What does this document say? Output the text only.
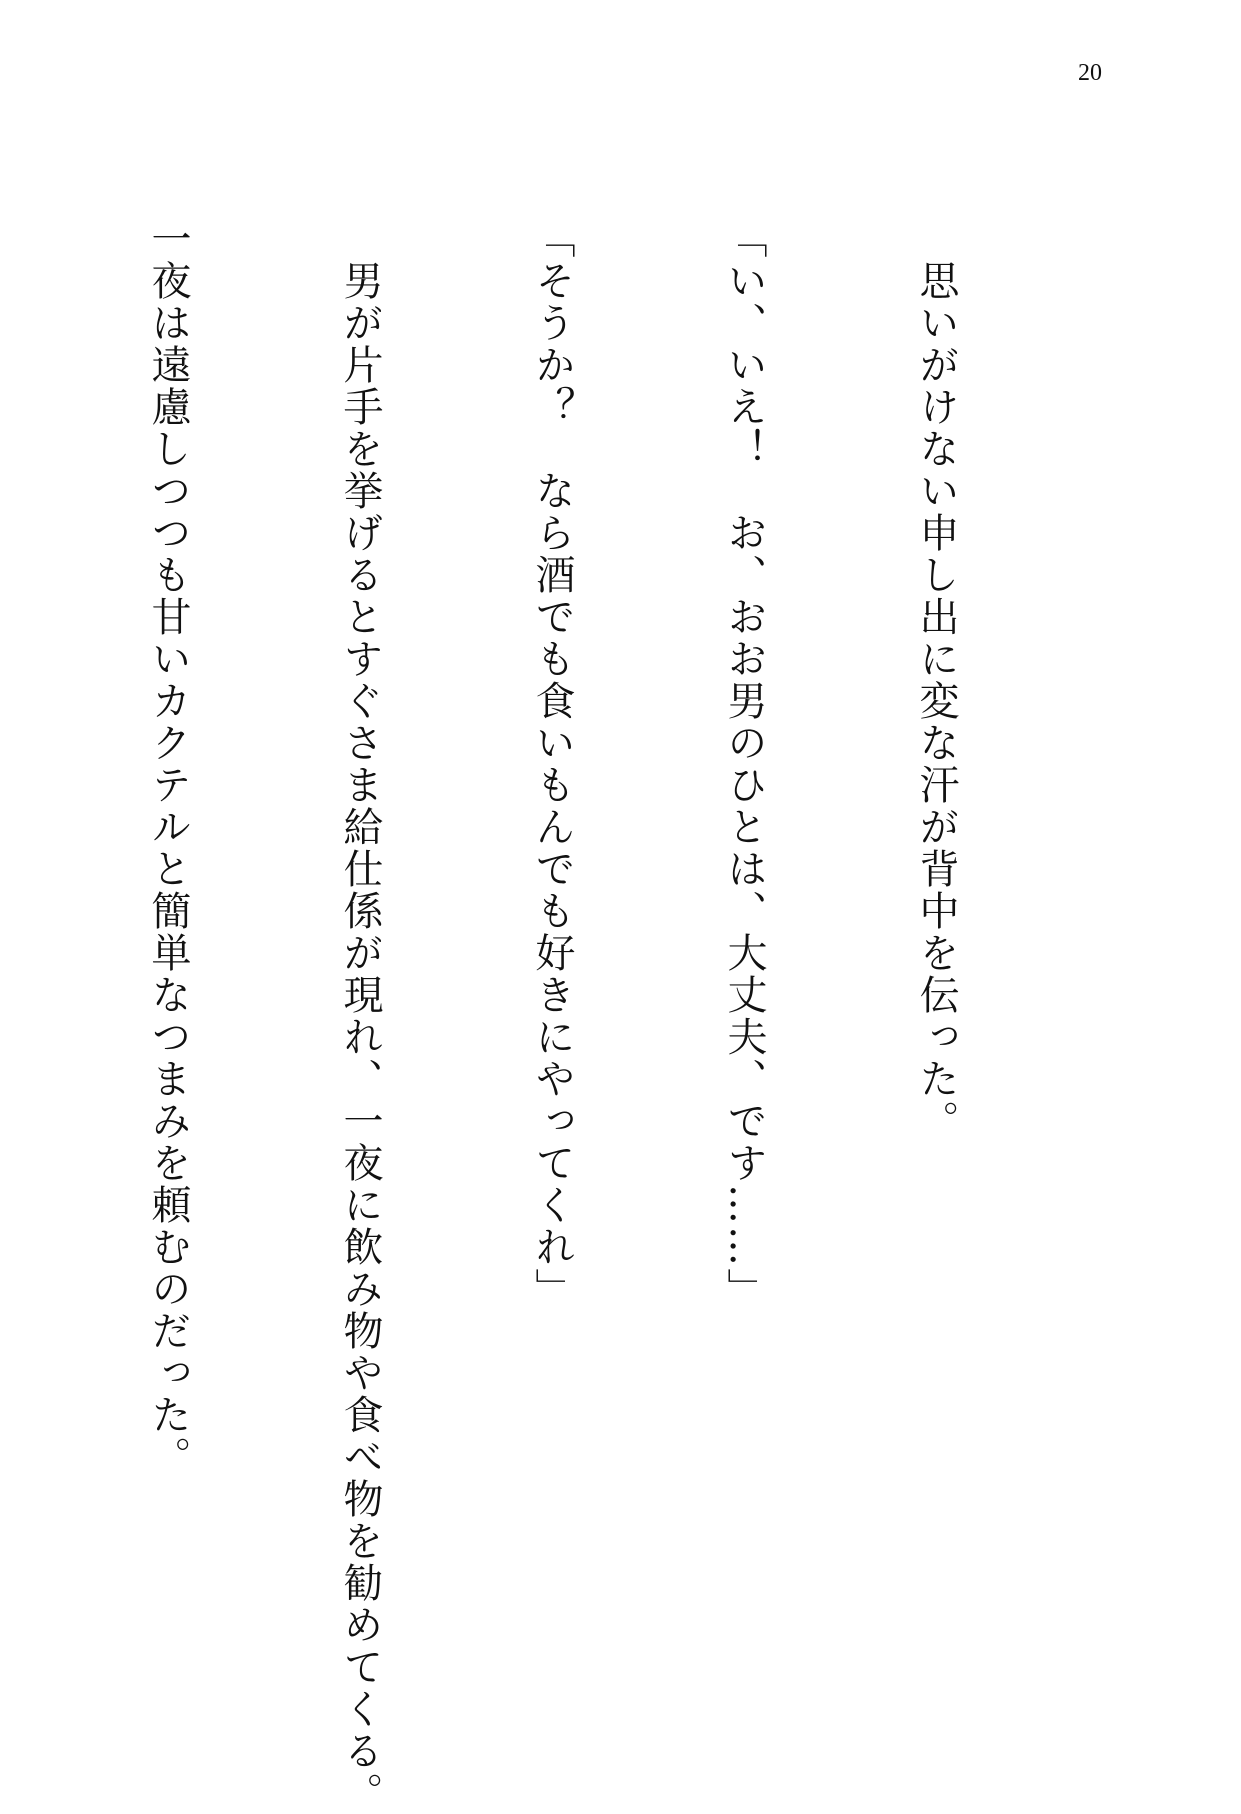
20

　思いがけない申し出に変な汗が背中を伝った。

「い、いえ！　お、おお男のひとは、大丈夫、です……」

「そうか？　なら酒でも食いもんでも好きにやってくれ」

　男が片手を挙げるとすぐさま給仕係が現れ、一夜に飲み物や食べ物を勧めてくる。

一夜は遠慮しつつも甘いカクテルと簡単なつまみを頼むのだった。
